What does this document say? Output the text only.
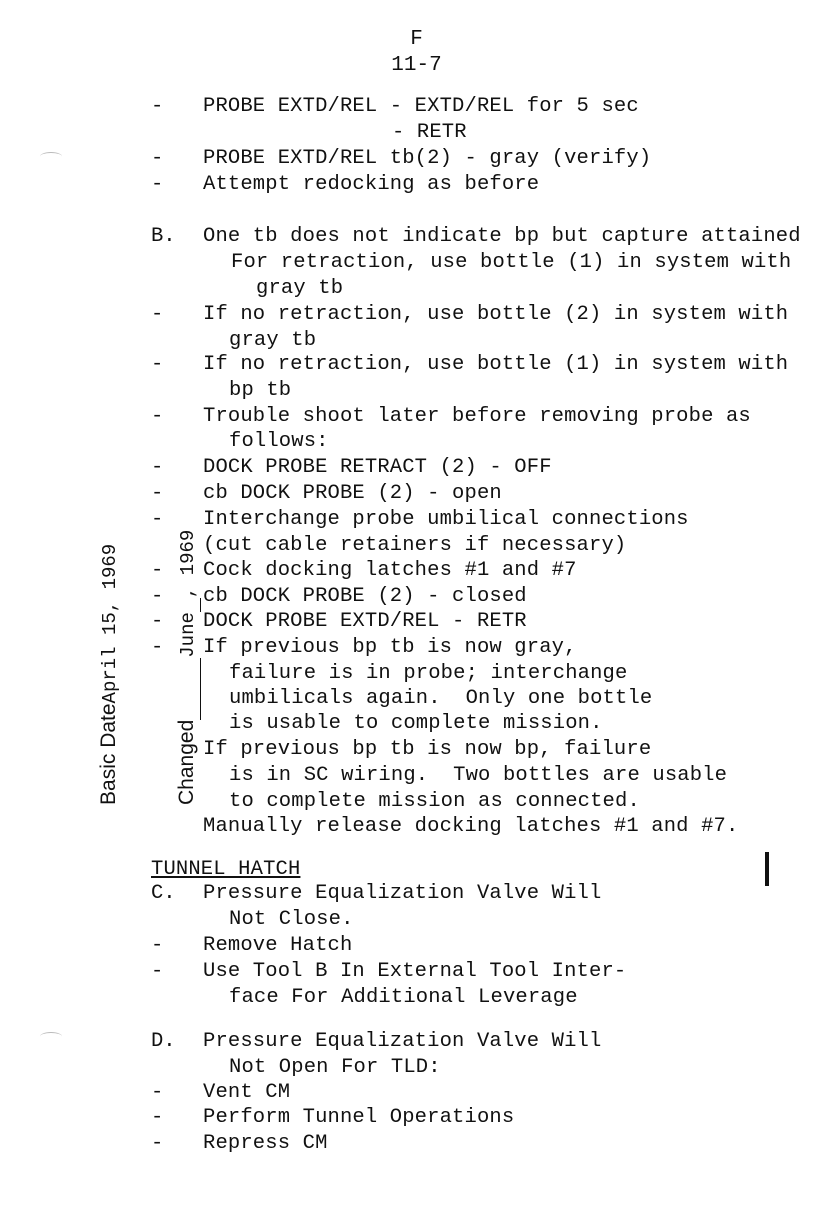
F
11-7
- PROBE EXTD/REL - EXTD/REL for 5 sec
- RETR
- PROBE EXTD/REL tb(2) - gray (verify)
- Attempt redocking as before
B. One tb does not indicate bp but capture attained
For retraction, use bottle (1) in system with
gray tb
- If no retraction, use bottle (2) in system with
gray tb
- If no retraction, use bottle (1) in system with
bp tb
- Trouble shoot later before removing probe as
follows:
- DOCK PROBE RETRACT (2) - OFF
- cb DOCK PROBE (2) - open
- Interchange probe umbilical connections
(cut cable retainers if necessary)
- Cock docking latches #1 and #7
- cb DOCK PROBE (2) - closed
- DOCK PROBE EXTD/REL - RETR
- If previous bp tb is now gray,
failure is in probe; interchange
umbilicals again.  Only one bottle
is usable to complete mission.
If previous bp tb is now bp, failure
is in SC wiring.  Two bottles are usable
to complete mission as connected.
Manually release docking latches #1 and #7.
TUNNEL HATCH
C. Pressure Equalization Valve Will
Not Close.
- Remove Hatch
- Use Tool B In External Tool Inter-
face For Additional Leverage
D. Pressure Equalization Valve Will
Not Open For TLD:
- Vent CM
- Perform Tunnel Operations
- Repress CM

Basic DateApril 15, 1969

ChangedJune, 1969
